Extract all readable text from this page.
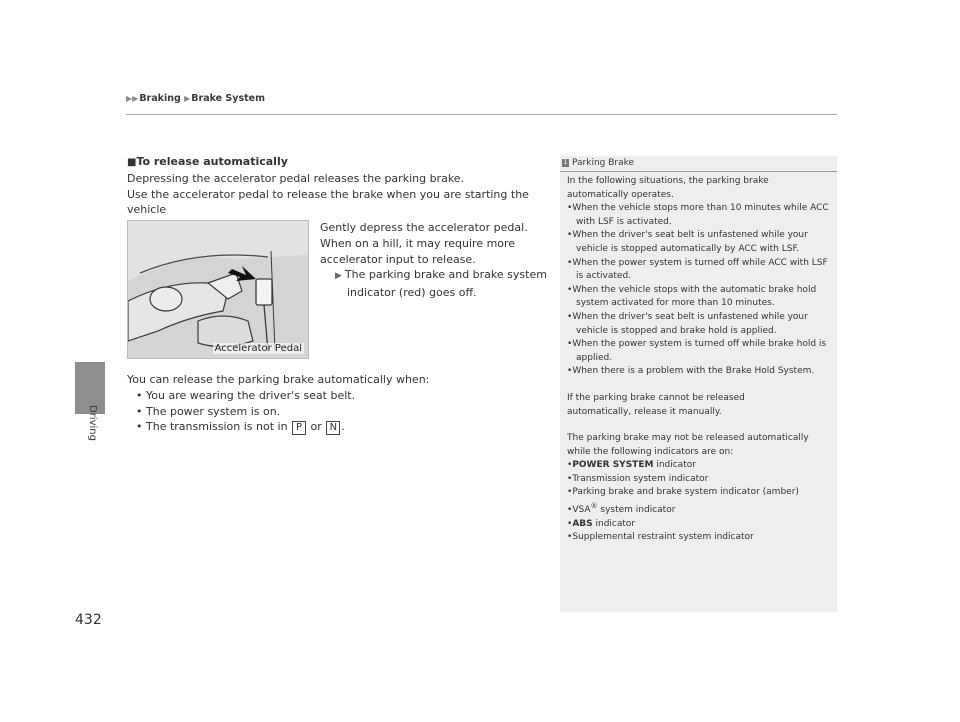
▶▶Braking ▶Brake System
Driving
432
■To release automatically
Depressing the accelerator pedal releases the parking brake.
Use the accelerator pedal to release the brake when you are starting the vehicle
Accelerator Pedal
Gently depress the accelerator pedal.
When on a hill, it may require more
accelerator input to release.
▶ The parking brake and brake system
indicator (red) goes off.
You can release the parking brake automatically when:
• You are wearing the driver's seat belt.
• The power system is on.
• The transmission is not in P or N .
1 Parking Brake
In the following situations, the parking brake
automatically operates.
•When the vehicle stops more than 10 minutes while ACC with LSF is activated.
•When the driver's seat belt is unfastened while your vehicle is stopped automatically by ACC with LSF.
•When the power system is turned off while ACC with LSF is activated.
•When the vehicle stops with the automatic brake hold system activated for more than 10 minutes.
•When the driver's seat belt is unfastened while your vehicle is stopped and brake hold is applied.
•When the power system is turned off while brake hold is applied.
•When there is a problem with the Brake Hold System.
If the parking brake cannot be released
automatically, release it manually.
The parking brake may not be released automatically
while the following indicators are on:
•POWER SYSTEM indicator
•Transmission system indicator
•Parking brake and brake system indicator (amber)
•VSA® system indicator
•ABS indicator
•Supplemental restraint system indicator
